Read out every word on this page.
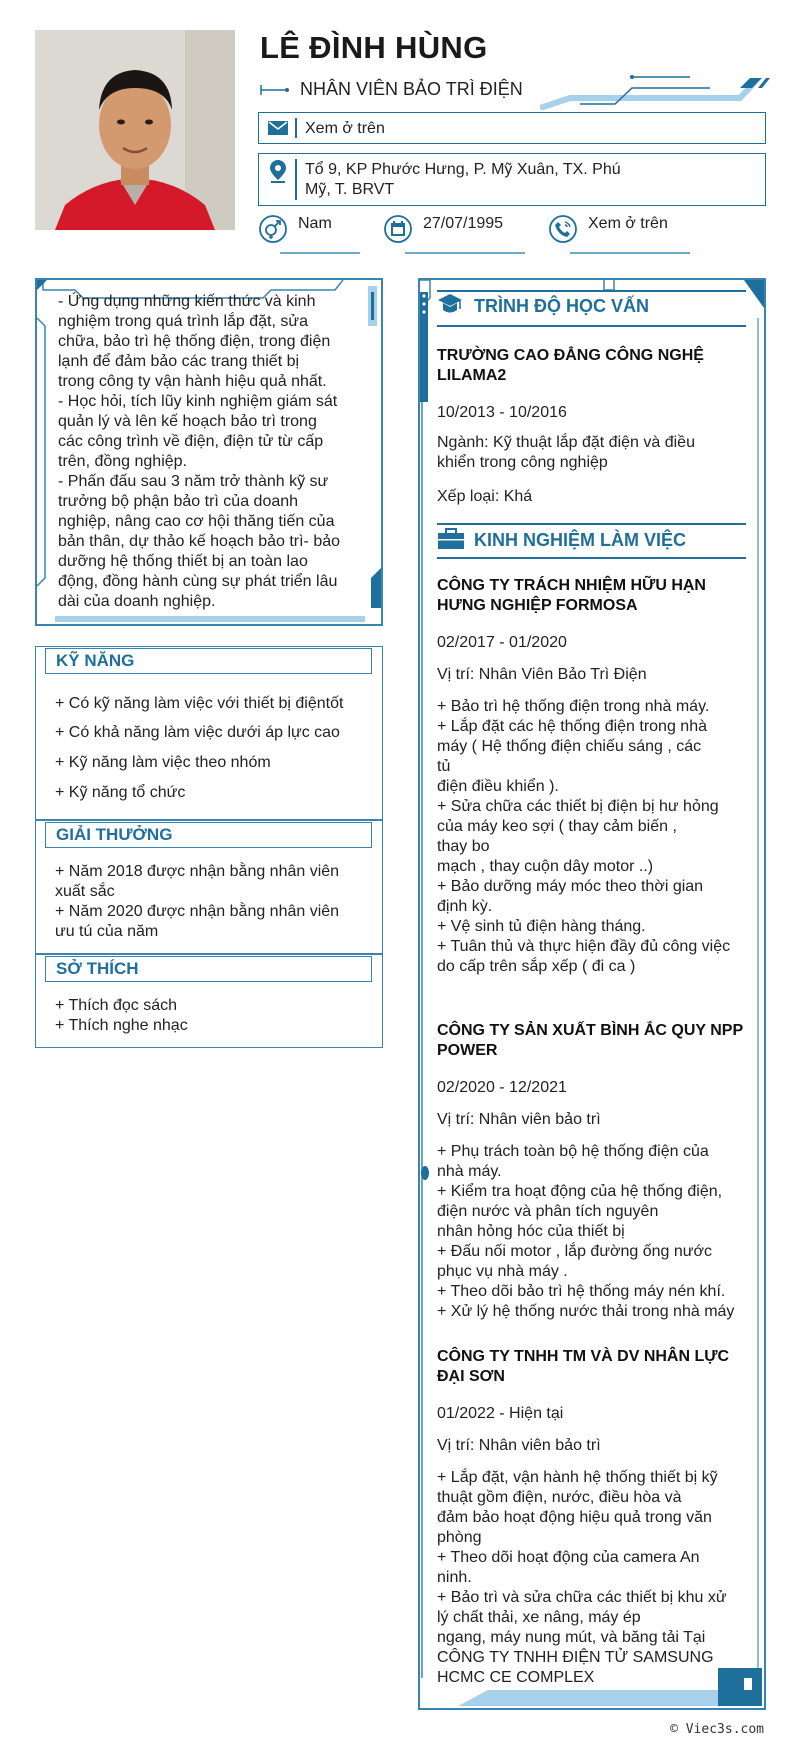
LÊ ĐÌNH HÙNG
NHÂN VIÊN BẢO TRÌ ĐIỆN
Xem ở trên
Tổ 9, KP Phước Hưng, P. Mỹ Xuân, TX. Phú
Mỹ, T. BRVT
Nam	27/07/1995	Xem ở trên

- Ứng dụng những kiến thức và kinh

nghiệm trong quá trình lắp đặt, sửa

chữa, bảo trì hệ thống điện, trong điện

lạnh để đảm bảo các trang thiết bị

trong công ty vận hành hiệu quả nhất.

- Học hỏi, tích lũy kinh nghiệm giám sát

quản lý và lên kế hoạch bảo trì trong

các công trình về điện, điện tử từ cấp

trên, đồng nghiệp.

- Phấn đấu sau 3 năm trở thành kỹ sư

trưởng bộ phận bảo trì của doanh

nghiệp, nâng cao cơ hội thăng tiến của

bản thân, dự thảo kế hoạch bảo trì- bảo

dưỡng hệ thống thiết bị an toàn lao

động, đồng hành cùng sự phát triển lâu

dài của doanh nghiệp.

KỸ NĂNG
+ Có kỹ năng làm việc với thiết bị điệntốt
+ Có khả năng làm việc dưới áp lực cao
+ Kỹ năng làm việc theo nhóm
+ Kỹ năng tổ chức
GIẢI THƯỞNG
+ Năm 2018 được nhận bằng nhân viên
xuất sắc
+ Năm 2020 được nhận bằng nhân viên
ưu tú của năm
SỞ THÍCH
+ Thích đọc sách
+ Thích nghe nhạc
TRÌNH ĐỘ HỌC VẤN
TRƯỜNG CAO ĐẲNG CÔNG NGHỆ
LILAMA2
10/2013 - 10/2016
Ngành: Kỹ thuật lắp đặt điện và điều
khiển trong công nghiệp
Xếp loại: Khá
KINH NGHIỆM LÀM VIỆC
CÔNG TY TRÁCH NHIỆM HỮU HẠN
HƯNG NGHIỆP FORMOSA
02/2017 - 01/2020
Vị trí: Nhân Viên Bảo Trì Điện
+ Bảo trì hệ thống điện trong nhà máy.
+ Lắp đặt các hệ thống điện trong nhà
máy ( Hệ thống điện chiếu sáng , các
tủ
điện điều khiển ).
+ Sửa chữa các thiết bị điện bị hư hỏng
của máy keo sợi ( thay cảm biến ,
thay bo
mạch , thay cuộn dây motor ..)
+ Bảo dưỡng máy móc theo thời gian
định kỳ.
+ Vệ sinh tủ điện hàng tháng.
+ Tuân thủ và thực hiện đầy đủ công việc
do cấp trên sắp xếp ( đi ca )
CÔNG TY SẢN XUẤT BÌNH ẮC QUY NPP
POWER
02/2020 - 12/2021
Vị trí: Nhân viên bảo trì
+ Phụ trách toàn bộ hệ thống điện của
nhà máy.
+ Kiểm tra hoạt động của hệ thống điện,
điện nước và phân tích nguyên
nhân hỏng hóc của thiết bị
+ Đấu nối motor , lắp đường ống nước
phục vụ nhà máy .
+ Theo dõi bảo trì hệ thống máy nén khí.
+ Xử lý hệ thống nước thải trong nhà máy
CÔNG TY TNHH TM VÀ DV NHÂN LỰC
ĐẠI SƠN
01/2022 - Hiện tại
Vị trí: Nhân viên bảo trì
+ Lắp đặt, vận hành hệ thống thiết bị kỹ
thuật gồm điện, nước, điều hòa và
đảm bảo hoạt động hiệu quả trong văn
phòng
+ Theo dõi hoạt động của camera An
ninh.
+ Bảo trì và sửa chữa các thiết bị khu xử
lý chất thải, xe nâng, máy ép
ngang, máy nung mút, và băng tải Tại
CÔNG TY TNHH ĐIỆN TỬ SAMSUNG
HCMC CE COMPLEX
© Viec3s.com
